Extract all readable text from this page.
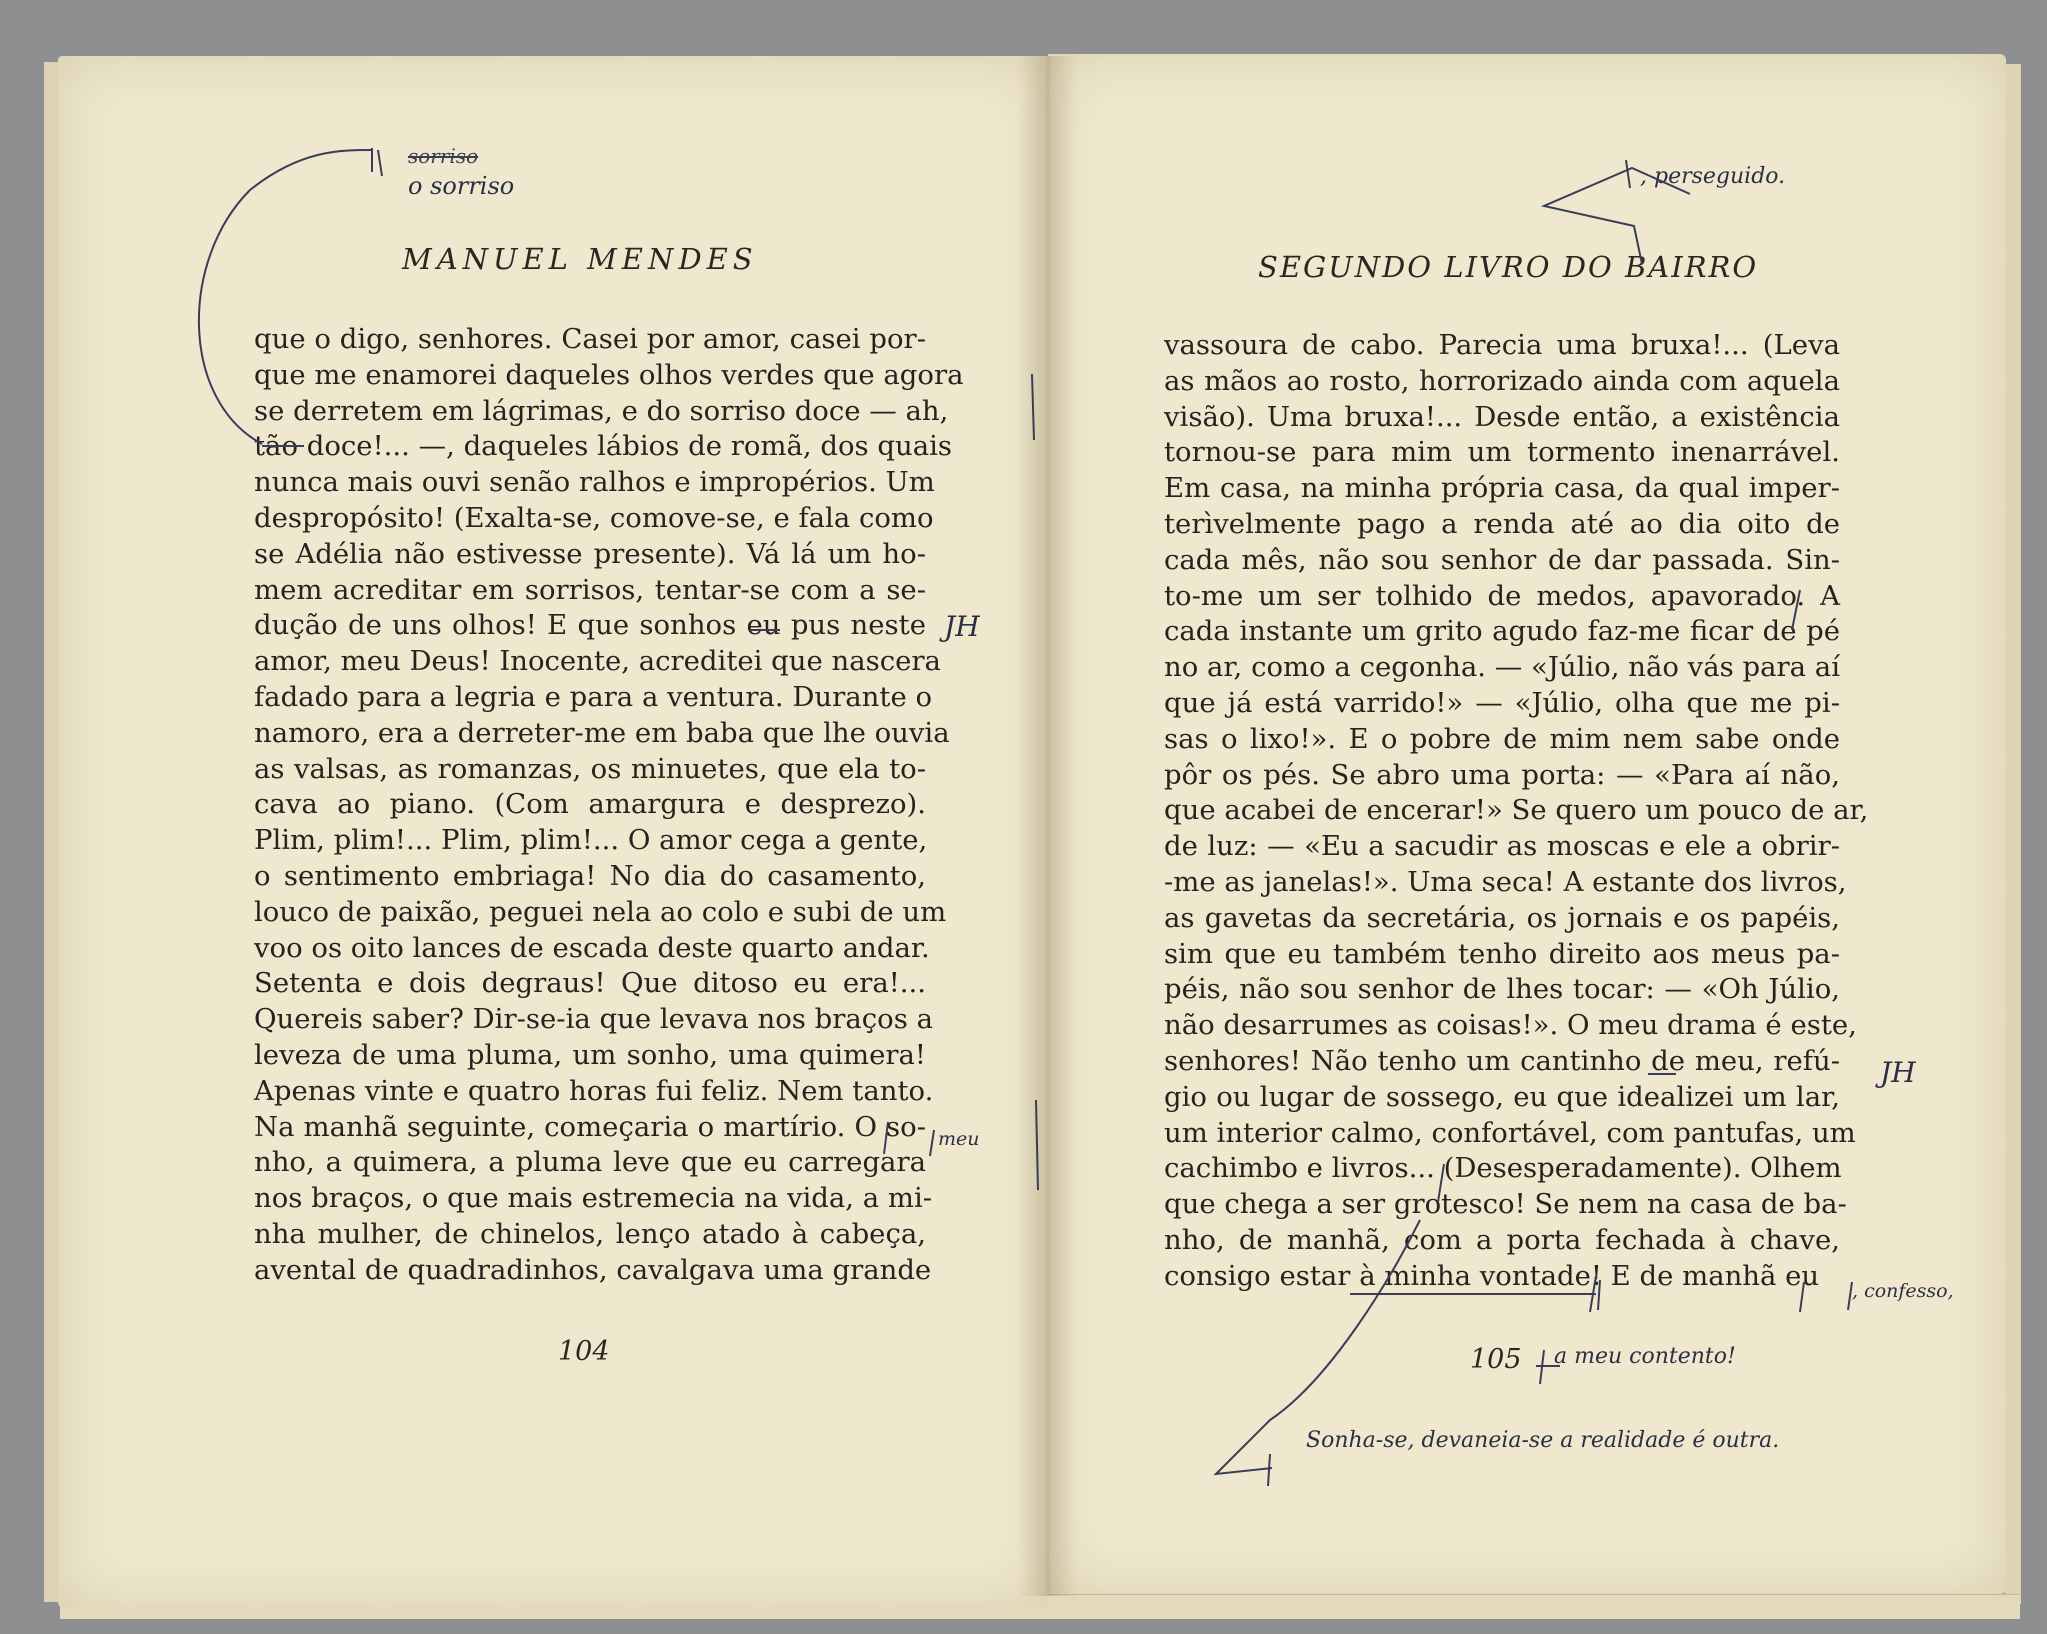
MANUEL MENDES	SEGUNDO LIVRO DO BAIRRO
que o digo, senhores. Casei por amor, casei por-
que me enamorei daqueles olhos verdes que agora
se derretem em lágrimas, e do sorriso doce — ah,
tão doce!... —, daqueles lábios de romã, dos quais
nunca mais ouvi senão ralhos e impropérios. Um
despropósito! (Exalta-se, comove-se, e fala como
se Adélia não estivesse presente). Vá lá um ho-
mem acreditar em sorrisos, tentar-se com a se-
dução de uns olhos! E que sonhos eu pus neste
amor, meu Deus! Inocente, acreditei que nascera
fadado para a legria e para a ventura. Durante o
namoro, era a derreter-me em baba que lhe ouvia
as valsas, as romanzas, os minuetes, que ela to-
cava ao piano. (Com amargura e desprezo).
Plim, plim!... Plim, plim!... O amor cega a gente,
o sentimento embriaga! No dia do casamento,
louco de paixão, peguei nela ao colo e subi de um
voo os oito lances de escada deste quarto andar.
Setenta e dois degraus! Que ditoso eu era!...
Quereis saber? Dir-se-ia que levava nos braços a
leveza de uma pluma, um sonho, uma quimera!
Apenas vinte e quatro horas fui feliz. Nem tanto.
Na manhã seguinte, começaria o martírio. O so-
nho, a quimera, a pluma leve que eu carregara
nos braços, o que mais estremecia na vida, a mi-
nha mulher, de chinelos, lenço atado à cabeça,
avental de quadradinhos, cavalgava uma grande
vassoura de cabo. Parecia uma bruxa!... (Leva
as mãos ao rosto, horrorizado ainda com aquela
visão). Uma bruxa!... Desde então, a existência
tornou-se para mim um tormento inenarrável.
Em casa, na minha própria casa, da qual imper-
terìvelmente pago a renda até ao dia oito de
cada mês, não sou senhor de dar passada. Sin-
to-me um ser tolhido de medos, apavorado. A
cada instante um grito agudo faz-me ficar de pé
no ar, como a cegonha. — «Júlio, não vás para aí
que já está varrido!» — «Júlio, olha que me pi-
sas o lixo!». E o pobre de mim nem sabe onde
pôr os pés. Se abro uma porta: — «Para aí não,
que acabei de encerar!» Se quero um pouco de ar,
de luz: — «Eu a sacudir as moscas e ele a obrir-
-me as janelas!». Uma seca! A estante dos livros,
as gavetas da secretária, os jornais e os papéis,
sim que eu também tenho direito aos meus pa-
péis, não sou senhor de lhes tocar: — «Oh Júlio,
não desarrumes as coisas!». O meu drama é este,
senhores! Não tenho um cantinho de meu, refú-
gio ou lugar de sossego, eu que idealizei um lar,
um interior calmo, confortável, com pantufas, um
cachimbo e livros... (Desesperadamente). Olhem
que chega a ser grotesco! Se nem na casa de ba-
nho, de manhã, com a porta fechada à chave,
consigo estar à minha vontade! E de manhã eu
104	105
sorriso
o sorriso
JH
meu
, perseguido.
JH
, confesso,
a meu contento!
Sonha-se, devaneia-se a realidade é outra.
